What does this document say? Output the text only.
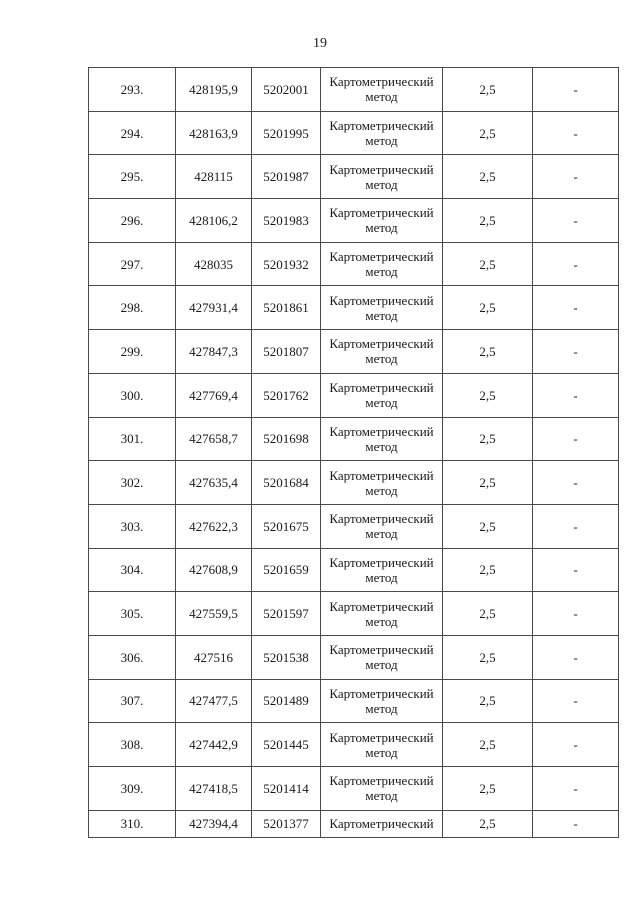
19
293.	428195,9	5202001	Картометрический метод	2,5	-
294.	428163,9	5201995	Картометрический метод	2,5	-
295.	428115	5201987	Картометрический метод	2,5	-
296.	428106,2	5201983	Картометрический метод	2,5	-
297.	428035	5201932	Картометрический метод	2,5	-
298.	427931,4	5201861	Картометрический метод	2,5	-
299.	427847,3	5201807	Картометрический метод	2,5	-
300.	427769,4	5201762	Картометрический метод	2,5	-
301.	427658,7	5201698	Картометрический метод	2,5	-
302.	427635,4	5201684	Картометрический метод	2,5	-
303.	427622,3	5201675	Картометрический метод	2,5	-
304.	427608,9	5201659	Картометрический метод	2,5	-
305.	427559,5	5201597	Картометрический метод	2,5	-
306.	427516	5201538	Картометрический метод	2,5	-
307.	427477,5	5201489	Картометрический метод	2,5	-
308.	427442,9	5201445	Картометрический метод	2,5	-
309.	427418,5	5201414	Картометрический метод	2,5	-
310.	427394,4	5201377	Картометрический	2,5	-
